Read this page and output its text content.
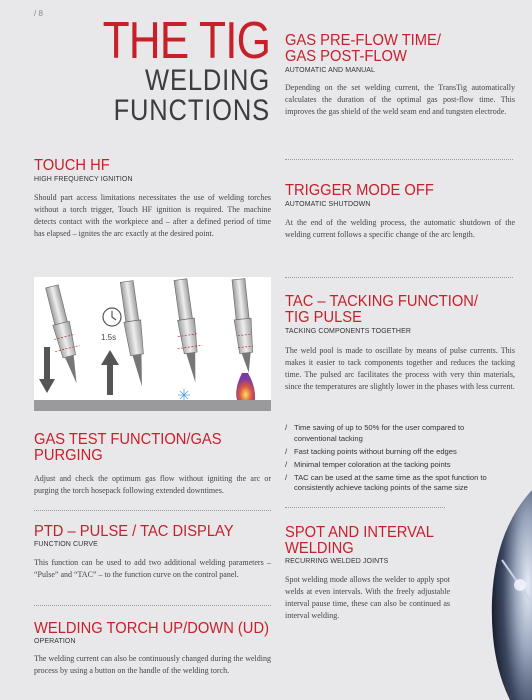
/ 8 THE TIG
WELDING
FUNCTIONS
GAS PRE-FLOW TIME/
GAS POST-FLOW
AUTOMATIC AND MANUAL
Depending on the set welding current, the TransTig automatically calculates the duration of the optimal gas post-flow time. This improves the gas shield of the weld seam end and tungsten electrode.
TOUCH HF
HIGH FREQUENCY IGNITION
Should part access limitations necessitates the use of welding torches without a torch trigger, Touch HF ignition is required. The machine detects contact with the workpiece and – after a defined period of time has elapsed – ignites the arc exactly at the desired point.
TRIGGER MODE OFF
AUTOMATIC SHUTDOWN
At the end of the welding process, the automatic shutdown of the welding current follows a specific change of the arc length.
1.5s
TAC – TACKING FUNCTION/
TIG PULSE
TACKING COMPONENTS TOGETHER
The weld pool is made to oscillate by means of pulse currents. This makes it easier to tack components together and reduces the tacking time. The pulsed arc facilitates the process with very thin materials, since the temperatures are slightly lower in the phases with less current.
/ Time saving of up to 50% for the user compared to conventional tacking
/ Fast tacking points without burning off the edges
/ Minimal temper coloration at the tacking points
/ TAC can be used at the same time as the spot function to consistently achieve tacking points of the same size
GAS TEST FUNCTION/GAS
PURGING
Adjust and check the optimum gas flow without igniting the arc or purging the torch hosepack following extended downtimes.
PTD – PULSE / TAC DISPLAY
FUNCTION CURVE
This function can be used to add two additional welding parameters – “Pulse” and “TAC” – to the function curve on the control panel.
SPOT AND INTERVAL
WELDING
RECURRING WELDED JOINTS
Spot welding mode allows the welder to apply spot welds at even intervals. With the freely adjustable interval pause time, these can also be continued as interval welding.
WELDING TORCH UP/DOWN (UD)
OPERATION
The welding current can also be continuously changed during the welding process by using a button on the handle of the welding torch.
